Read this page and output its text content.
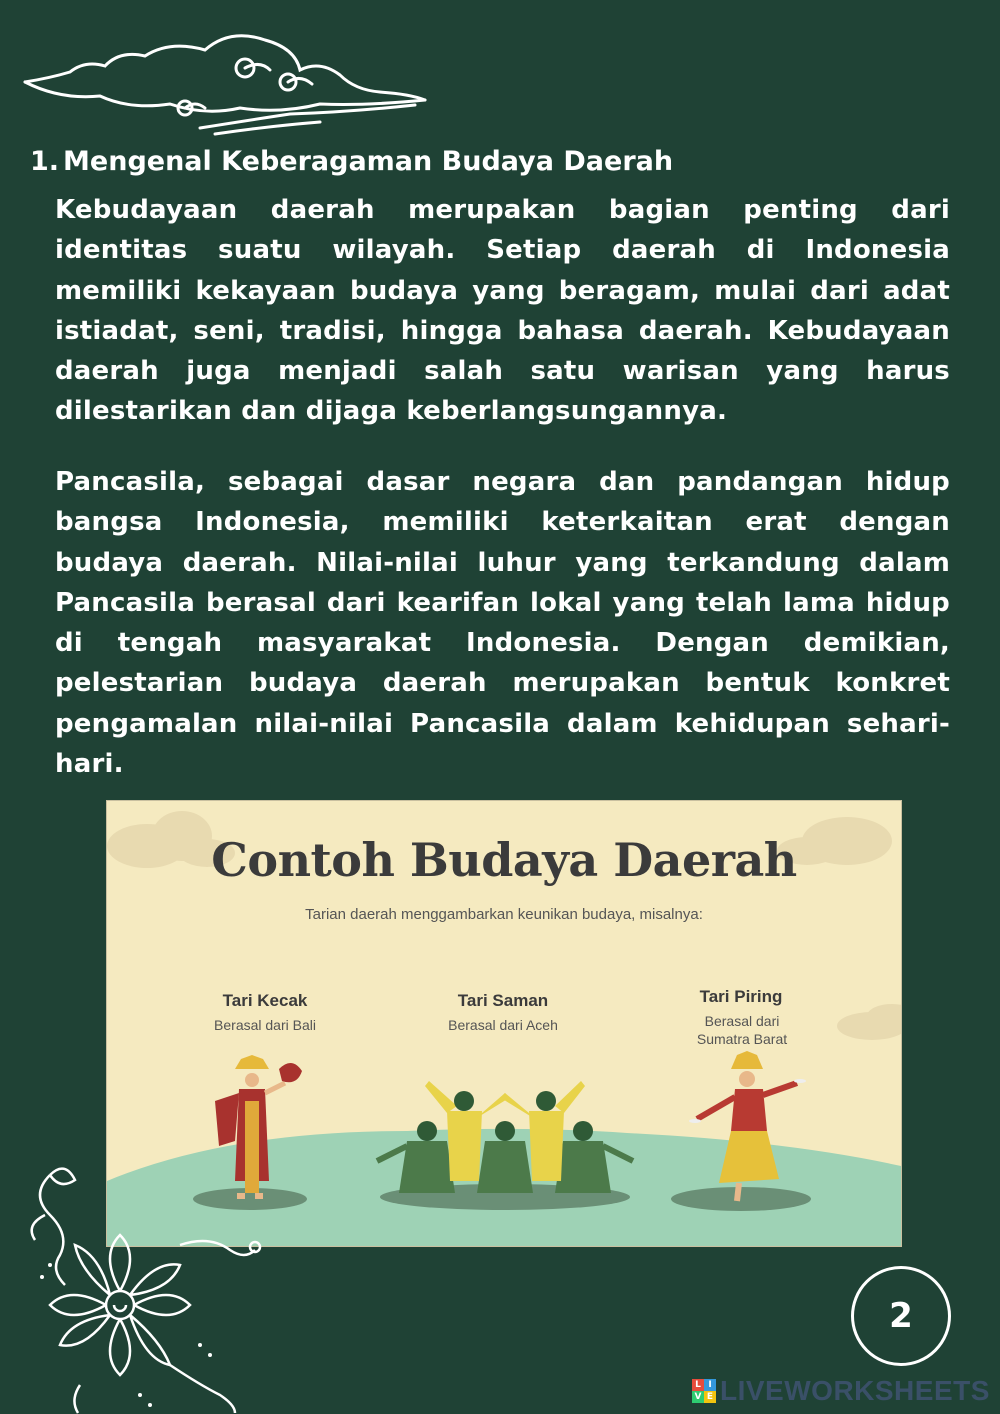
1. Mengenal Keberagaman Budaya Daerah

Kebudayaan daerah merupakan bagian penting dari identitas suatu wilayah. Setiap daerah di Indonesia memiliki kekayaan budaya yang beragam, mulai dari adat istiadat, seni, tradisi, hingga bahasa daerah. Kebudayaan daerah juga menjadi salah satu warisan yang harus dilestarikan dan dijaga keberlangsungannya.

Pancasila, sebagai dasar negara dan pandangan hidup bangsa Indonesia, memiliki keterkaitan erat dengan budaya daerah. Nilai-nilai luhur yang terkandung dalam Pancasila berasal dari kearifan lokal yang telah lama hidup di tengah masyarakat Indonesia. Dengan demikian, pelestarian budaya daerah merupakan bentuk konkret pengamalan nilai-nilai Pancasila dalam kehidupan sehari-hari.

Contoh Budaya Daerah
Tarian daerah menggambarkan keunikan budaya, misalnya:
Tari Kecak
Berasal dari Bali
Tari Saman
Berasal dari Aceh
Tari Piring
Berasal dari Sumatra Barat
2
L I
V E LIVEWORKSHEETS
